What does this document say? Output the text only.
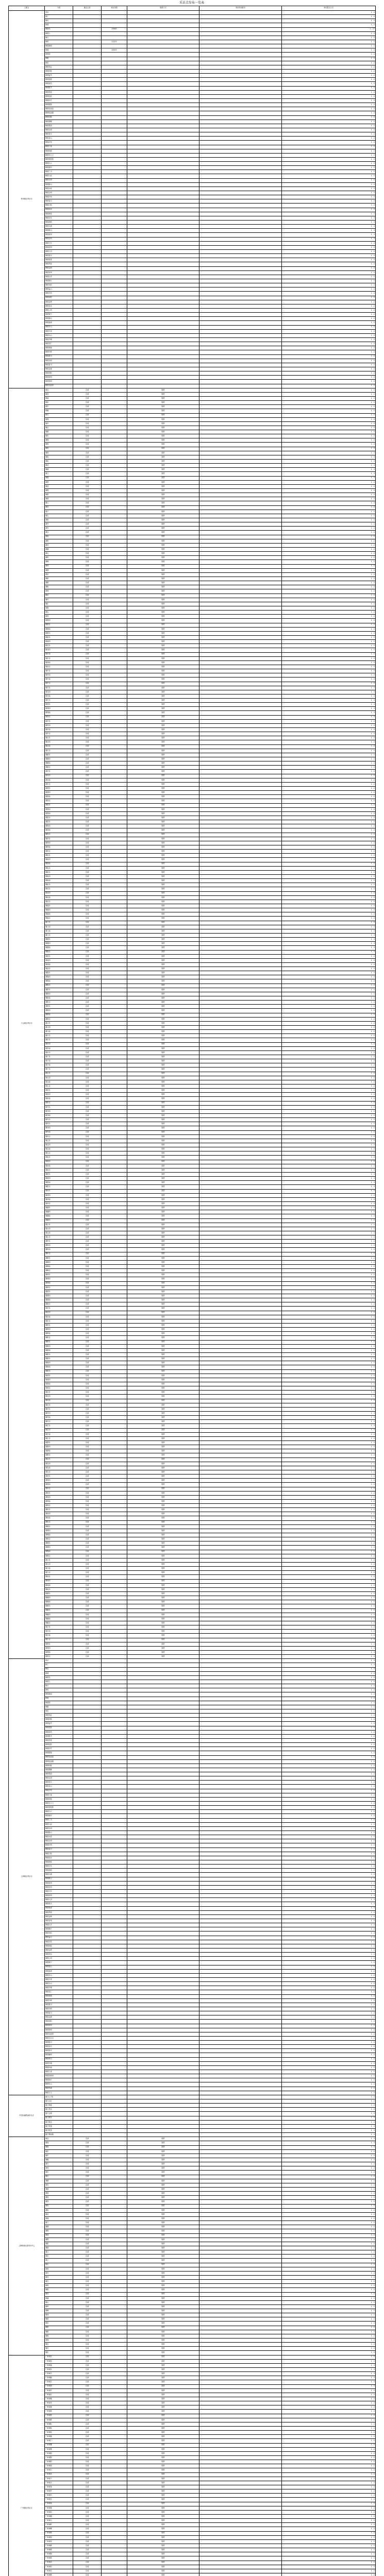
采访点发布一览表
主要点	分类	最近主营	采访类型	联系方式	采访时间要求	采访提交方式	
杭州地区采访点	采访					1、2	
	韩丁					1、2	
	韩佳					1、2	
	韩国					1、2	
	韩国先		29563			1、27	
	韩国人					1、2	
	韩日					1、2	
	韩风		21223			1、2	
	韩国新闻					1、2	
	韩流		29203			1、2	
	韩国馆					1、2	
	韩剧					1、2	
	韩语					1、2	
	韩国签证					1、2	
	韩国团体					1、2	
	韩国留学					1、2	
	韩国旅游					1、2	
	韩国演员					1、2	
	韩国歌手					1、2	
	韩国美食					1、2	
	韩国电影					1、2	
	韩国综艺					1、2	
	韩国服饰					1、2	
	韩国化妆品					1、2	
	韩国电视剧					1、2	
	韩国明星					1、2	
	韩国偶像					1、2	
	韩国男团					1、2	
	韩国女团					1、2	
	韩国首尔					1、2	
	韩国釜山					1、2	
	韩国济州					1、2	
	韩国江南					1、2	
	韩国明洞					1、2	
	韩国东大门					1、2	
	韩国梨泰院					1、2	
	韩国弘大					1、2	
	韩国新村					1、2	
	韩国仁川					1、2	
	韩国大邱					1、2	
	韩国光州					1、2	
	韩国蔚山					1、2	
	韩国水原					1、2	
	韩国全州					1、2	
	韩国庆州					1、2	
	韩国春川					1、2	
	韩国江陵					1、2	
	韩国丽水					1、2	
	韩国统营					1、2	
	韩国安东					1、2	
	韩国浦项					1、2	
	韩国木浦					1、2	
	韩国群山					1、2	
	韩国原州					1、2	
	韩国忠州					1、2	
	韩国天安					1、2	
	韩国清州					1、2	
	韩国大田					1、2	
	韩国世宗					1、2	
	韩国龟尾					1、2	
	韩国昌原					1、2	
	韩国金海					1、2	
	韩国晋州					1、2	
	韩国巨济					1、2	
	韩国顺天					1、2	
	韩国光阳					1、2	
	韩国益山					1、2	
	韩国井邑					1、2	
	韩国南原					1、2	
	韩国金堤					1、2	
	韩国扶余					1、2	
	韩国公州					1、2	
	韩国保宁					1、2	
	韩国瑞山					1、2	
	韩国唐津					1、2	
	韩国牙山					1、2	
	韩国平泽					1、2	
	韩国乌山					1、2	
	韩国华城					1、2	
	韩国龙仁					1、2	
	韩国城南					1、2	
	韩国安养					1、2	
	韩国果川					1、2	
	韩国光明					1、2	
	韩国富川					1、2	
	韩国金浦					1、2	
	韩国高阳					1、2	
	韩国坡州					1、2	
	韩国杨州					1、2	
	韩国议政府					1、2	
十会地区采访点	城北	总部		期货		1、2	
	城西	总部		期货		1、2	
	城南	总部		期货		1、2	
	城东	总部		期货		1、2	
	城中	总部		期货		1、2	
	城厢	总部		期货		1、2	
	城关	总部		期货		1、2	
	城郊	总部		期货		1、2	
	城乡	总部		期货		1、2	
	城区	总部		期货		1、2	
	城镇	总部		期货		1、2	
	城市	总部		期货		1、2	
	城建	总部		期货		1、2	
	城管	总部		期货		1、2	
	城投	总部		期货		1、2	
	城铁	总部		期货		1、2	
	城际	总部		期货		1、2	
	城轨	总部		期货		1、2	
	城站	总部		期货		1、2	
	城墙	总部		期货		1、2	
	城门	总部		期货		1、2	
	城楼	总部		期货		1、2	
	城堡	总部		期货		1、2	
	城池	总部		期货		1、2	
	城隍	总部		期货		1、2	
	城阳	总部		期货		1、2	
	城固	总部		期货		1、2	
	城口	总部		期货		1、2	
	城步	总部		期货		1、2	
	城子	总部		期货		1、2	
	城头	总部		期货		1、2	
	城里	总部		期货		1、2	
	城外	总部		期货		1、2	
	城内	总部		期货		1、2	
	城边	总部		期货		1、2	
	城角	总部		期货		1、2	
	城根	总部		期货		1、2	
	城河	总部		期货		1、2	
	城湖	总部		期货		1、2	
	城山	总部		期货		1、2	
	城岭	总部		期货		1、2	
	城峰	总部		期货		1、2	
	城林	总部		期货		1、2	
	城园	总部		期货		1、2	
	城花	总部		期货		1、2	
	城桥	总部		期货		1、2	
	城路	总部		期货		1、2	
	城街	总部		期货		1、2	
	城巷	总部		期货		1、2	
	城坊	总部		期货		1、2	
	城村	总部		期货		1、2	
	城庄	总部		期货		1、2	
	城寨	总部		期货		1、2	
	城屯	总部		期货		1、2	
	城营	总部		期货		1、2	
	城堡西	总部		期货		1、2	
	城堡东	总部		期货		1、2	
	城堡南	总部		期货		1、2	
	城堡北	总部		期货		1、2	
	城南东	总部		期货		1、2	
	城南西	总部		期货		1、2	
	城北东	总部		期货		1、2	
	城北西	总部		期货		1、2	
	城东南	总部		期货		1、2	
	城东北	总部		期货		1、2	
	城西南	总部		期货		1、2	
	城西北	总部		期货		1、2	
	城中东	总部		期货		1、2	
	城中西	总部		期货		1、2	
	城中南	总部		期货		1、2	
	城中北	总部		期货		1、2	
	城关东	总部		期货		1、2	
	城关西	总部		期货		1、2	
	城关南	总部		期货		1、2	
	城关北	总部		期货		1、2	
	城郊东	总部		期货		1、2	
	城郊西	总部		期货		1、2	
	城郊南	总部		期货		1、2	
	城郊北	总部		期货		1、2	
	城乡东	总部		期货		1、2	
	城乡西	总部		期货		1、2	
	城乡南	总部		期货		1、2	
	城乡北	总部		期货		1、2	
	城区东	总部		期货		1、2	
	城区西	总部		期货		1、2	
	城区南	总部		期货		1、2	
	城区北	总部		期货		1、2	
	城镇东	总部		期货		1、2	
	城镇西	总部		期货		1、2	
	城镇南	总部		期货		1、2	
	城镇北	总部		期货		1、2	
	城市东	总部		期货		1、2	
	城市西	总部		期货		1、2	
	城市南	总部		期货		1、2	
	城市北	总部		期货		1、2	
	城建东	总部		期货		1、2	
	城建西	总部		期货		1、2	
	城建南	总部		期货		1、2	
	城建北	总部		期货		1、2	
	城管东	总部		期货		1、2	
	城管西	总部		期货		1、2	
	城管南	总部		期货		1、2	
	城管北	总部		期货		1、2	
	城投东	总部		期货		1、2	
	城投西	总部		期货		1、2	
	城投南	总部		期货		1、2	
	城投北	总部		期货		1、2	
	城铁东	总部		期货		1、2	
	城铁西	总部		期货		1、2	
	城铁南	总部		期货		1、2	
	城铁北	总部		期货		1、2	
	城际东	总部		期货		1、2	
	城际西	总部		期货		1、2	
	城际南	总部		期货		1、2	
	城际北	总部		期货		1、2	
	城轨东	总部		期货		1、2	
	城轨西	总部		期货		1、2	
	城轨南	总部		期货		1、2	
	城轨北	总部		期货		1、2	
	城站东	总部		期货		1、2	
	城站西	总部		期货		1、2	
	城站南	总部		期货		1、2	
	城站北	总部		期货		1、2	
	城墙东	总部		期货		1、2	
	城墙西	总部		期货		1、2	
	城墙南	总部		期货		1、2	
	城墙北	总部		期货		1、2	
	城门东	总部		期货		1、2	
	城门西	总部		期货		1、2	
	城门南	总部		期货		1、2	
	城门北	总部		期货		1、2	
	城楼东	总部		期货		1、2	
	城楼西	总部		期货		1、2	
	城楼南	总部		期货		1、2	
	城楼北	总部		期货		1、2	
	城池东	总部		期货		1、2	
	城池西	总部		期货		1、2	
	城池南	总部		期货		1、2	
	城池北	总部		期货		1、2	
	城隍东	总部		期货		1、2	
	城隍西	总部		期货		1、2	
	城隍南	总部		期货		1、2	
	城隍北	总部		期货		1、2	
	城阳东	总部		期货		1、2	
	城阳西	总部		期货		1、2	
	城阳南	总部		期货		1、2	
	城阳北	总部		期货		1、2	
	城固东	总部		期货		1、2	
	城固西	总部		期货		1、2	
	城固南	总部		期货		1、2	
	城固北	总部		期货		1、2	
	城口东	总部		期货		1、2	
	城口西	总部		期货		1、2	
	城口南	总部		期货		1、2	
	城口北	总部		期货		1、2	
	城步东	总部		期货		1、2	
	城步西	总部		期货		1、2	
	城步南	总部		期货		1、2	
	城步北	总部		期货		1、2	
	城子东	总部		期货		1、2	
	城子西	总部		期货		1、2	
	城子南	总部		期货		1、2	
	城子北	总部		期货		1、2	
	城头东	总部		期货		1、2	
	城头西	总部		期货		1、2	
	城头南	总部		期货		1、2	
	城头北	总部		期货		1、2	
	城里东	总部		期货		1、2	
	城里西	总部		期货		1、2	
	城里南	总部		期货		1、2	
	城里北	总部		期货		1、2	
	城外东	总部		期货		1、2	
	城外西	总部		期货		1、2	
	城外南	总部		期货		1、2	
	城外北	总部		期货		1、2	
	城内东	总部		期货		1、2	
	城内西	总部		期货		1、2	
	城内南	总部		期货		1、2	
	城内北	总部		期货		1、2	
	城边东	总部		期货		1、2	
	城边西	总部		期货		1、2	
	城边南	总部		期货		1、2	
	城边北	总部		期货		1、2	
	城角东	总部		期货		1、2	
	城角西	总部		期货		1、2	
	城角南	总部		期货		1、2	
	城角北	总部		期货		1、2	
	城根东	总部		期货		1、2	
	城根西	总部		期货		1、2	
	城根南	总部		期货		1、2	
	城根北	总部		期货		1、2	
	城河东	总部		期货		1、2	
	城河西	总部		期货		1、2	
	城河南	总部		期货		1、2	
	城河北	总部		期货		1、2	
	城湖东	总部		期货		1、2	
	城湖西	总部		期货		1、2	
	城湖南	总部		期货		1、2	
	城湖北	总部		期货		1、2	
	城山东	总部		期货		1、2	
	城山西	总部		期货		1、2	
	城山南	总部		期货		1、2	
	城山北	总部		期货		1、2	
	城岭东	总部		期货		1、2	
	城岭西	总部		期货		1、2	
	城岭南	总部		期货		1、2	
	城岭北	总部		期货		1、2	
	城峰东	总部		期货		1、2	
	城峰西	总部		期货		1、2	
	城峰南	总部		期货		1、2	
	城峰北	总部		期货		1、2	
	城林东	总部		期货		1、2	
	城林西	总部		期货		1、2	
	城林南	总部		期货		1、2	
	城林北	总部		期货		1、2	
	城园东	总部		期货		1、2	
	城园西	总部		期货		1、2	
	城园南	总部		期货		1、2	
	城园北	总部		期货		1、2	
	城花东	总部		期货		1、2	
	城花西	总部		期货		1、2	
	城花南	总部		期货		1、2	
	城花北	总部		期货		1、2	
	城桥东	总部		期货		1、2	
	城桥西	总部		期货		1、2	
	城桥南	总部		期货		1、2	
	城桥北	总部		期货		1、2	
	城路东	总部		期货		1、2	
	城路西	总部		期货		1、2	
	城路南	总部		期货		1、2	
	城路北	总部		期货		1、2	
	城街东	总部		期货		1、2	
	城街西	总部		期货		1、2	
	城街南	总部		期货		1、2	
	城街北	总部		期货		1、2	
	城巷东	总部		期货		1、2	
	城巷西	总部		期货		1、2	
	城巷南	总部		期货		1、2	
	城巷北	总部		期货		1、2	
	城坊东	总部		期货		1、2	
	城坊西	总部		期货		1、2	
	城坊南	总部		期货		1、2	
	城坊北	总部		期货		1、2	
	城村东	总部		期货		1、2	
	城村西	总部		期货		1、2	
	城村南	总部		期货		1、2	
	城村北	总部		期货		1、2	
	城庄东	总部		期货		1、2	
	城庄西	总部		期货		1、2	
	城庄南	总部		期货		1、2	
	城庄北	总部		期货		1、2	
	城寨东	总部		期货		1、2	
	城寨西	总部		期货		1、2	
	城寨南	总部		期货		1、2	
	城寨北	总部		期货		1、2	
	城屯东	总部		期货		1、2	
	城屯西	总部		期货		1、2	
	城屯南	总部		期货		1、2	
	城屯北	总部		期货		1、2	
	城营东	总部		期货		1、2	
	城营西	总部		期货		1、2	
	城营南	总部		期货		1、2	
	城营北	总部		期货		1、2	
	城郭东	总部		期货		1、2	
	城郭西	总部		期货		1、2	
	城郭南	总部		期货		1、2	
	城郭北	总部		期货		1、2	
	城垣东	总部		期货		1、2	
	城垣西	总部		期货		1、2	
	城垣南	总部		期货		1、2	
	城垣北	总部		期货		1、2	
	城壕东	总部		期货		1、2	
	城壕西	总部		期货		1、2	
	城壕南	总部		期货		1、2	
	城壕北	总部		期货		1、2	
	城堞东	总部		期货		1、2	
	城堞西	总部		期货		1、2	
	城堞南	总部		期货		1、2	
	城堞北	总部		期货		1、2	
	城台东	总部		期货		1、2	
	城台西	总部		期货		1、2	
	城台南	总部		期货		1、2	
	城台北	总部		期货		1、2	
	城垛东	总部		期货		1、2	
	城垛西	总部		期货		1、2	
	城垛南	总部		期货		1、2	
	城垛北	总部		期货		1、2	
	城阙东	总部		期货		1、2	
	城阙西	总部		期货		1、2	
	城阙南	总部		期货		1、2	
	城阙北	总部		期货		1、2	
	城厢东	总部		期货		1、2	
	城厢西	总部		期货		1、2	
	城厢南	总部		期货		1、2	
	城厢北	总部		期货		1、2	
	城宇东	总部		期货		1、2	
	城宇西	总部		期货		1、2	
	城宇南	总部		期货		1、2	
	城宇北	总部		期货		1、2	
	城苑东	总部		期货		1、2	
	城苑西	总部		期货		1、2	
	城苑南	总部		期货		1、2	
	城苑北	总部		期货		1、2	
上海地区采访点	采访					1、2	
	韩丁					1、2	
	韩佳					1、2	
	韩国					1、2	
	韩国先					1、2	
	韩国人					1、2	
	韩日					1、2	
	韩风					1、2	
	韩国新闻					1、2	
	韩流					1、2	
	韩国馆					1、2	
	韩剧					1、2	
	韩语					1、2	
	韩国签证					1、2	
	韩国团体					1、2	
	韩国留学					1、2	
	韩国旅游					1、2	
	韩国演员					1、2	
	韩国歌手					1、2	
	韩国美食					1、2	
	韩国电影					1、2	
	韩国综艺					1、2	
	韩国服饰					1、2	
	韩国化妆品					1、2	
	韩国电视剧					1、2	
	韩国明星					1、2	
	韩国偶像					1、2	
	韩国男团					1、2	
	韩国女团					1、2	
	韩国首尔					1、2	
	韩国釜山					1、2	
	韩国济州					1、2	
	韩国江南					1、2	
	韩国明洞					1、2	
	韩国东大门					1、2	
	韩国梨泰院					1、2	
	韩国弘大					1、2	
	韩国新村					1、2	
	韩国仁川					1、2	
	韩国大邱					1、2	
	韩国光州					1、2	
	韩国蔚山					1、2	
	韩国水原					1、2	
	韩国全州					1、2	
	韩国庆州					1、2	
	韩国春川					1、2	
	韩国江陵					1、2	
	韩国丽水					1、2	
	韩国统营					1、2	
	韩国安东					1、2	
	韩国浦项					1、2	
	韩国木浦					1、2	
	韩国群山					1、2	
	韩国原州					1、2	
	韩国忠州					1、2	
	韩国天安					1、2	
	韩国清州					1、2	
	韩国大田					1、2	
	韩国世宗					1、2	
	韩国龟尾					1、2	
	韩国昌原					1、2	
	韩国金海					1、2	
	韩国晋州					1、2	
	韩国巨济					1、2	
	韩国顺天					1、2	
	韩国光阳					1、2	
	韩国益山					1、2	
	韩国井邑					1、2	
	韩国南原					1、2	
	韩国金堤					1、2	
	韩国扶余					1、2	
	韩国公州					1、2	
	韩国保宁					1、2	
	韩国瑞山					1、2	
	韩国唐津					1、2	
	韩国牙山					1、2	
	韩国平泽					1、2	
	韩国乌山					1、2	
	韩国华城					1、2	
	韩国龙仁					1、2	
	韩国城南					1、2	
	韩国安养					1、2	
	韩国果川					1、2	
	韩国光明					1、2	
	韩国富川					1、2	
	韩国金浦					1、2	
	韩国高阳					1、2	
	韩国坡州					1、2	
	韩国杨州					1、2	
	韩国议政府					1、2	
	韩国东豆川					1、2	
	韩国抱川					1、2	
	韩国加平					1、2	
	韩国杨平					1、2	
	韩国骊州					1、2	
	韩国利川					1、2	
	韩国安城					1、2	
	韩国河南					1、2	
	韩国九里					1、2	
	韩国南杨州					1、2	
	韩国始兴					1、2	
	韩国安山					1、2	
	韩国军浦					1、2	
	韩国义王					1、2	
中国运输物流采访点	湛江(公司)					1、2	
	湛江运行					1、2	
	湛江物流					1、2	
	湛江货运					1、2	
	湛江仓储					1、2	
	湛江港务					1、2	
	湛江航运					1、2	
	湛江快递					1、2	
	湛江配送					1、2	
	湛江集装箱					1、2	
上海规划运营采访中心	城北	总部		期货		1、2	
	城西	总部		期货		1、2	
	城南	总部		期货		1、2	
	城东	总部		期货		1、2	
	城中	总部		期货		1、2	
	城厢	总部		期货		1、2	
	城关	总部		期货		1、2	
	城郊	总部		期货		1、2	
	城乡	总部		期货		1、2	
	城区	总部		期货		1、2	
	城镇	总部		期货		1、2	
	城市	总部		期货		1、2	
	城建	总部		期货		1、2	
	城管	总部		期货		1、2	
	城投	总部		期货		1、2	
	城铁	总部		期货		1、2	
	城际	总部		期货		1、2	
	城轨	总部		期货		1、2	
	城站	总部		期货		1、2	
	城墙	总部		期货		1、2	
	城门	总部		期货		1、2	
	城楼	总部		期货		1、2	
	城堡	总部		期货		1、2	
	城池	总部		期货		1、2	
	城隍	总部		期货		1、2	
	城阳	总部		期货		1、2	
	城固	总部		期货		1、2	
	城口	总部		期货		1、2	
	城步	总部		期货		1、2	
	城子	总部		期货		1、2	
	城头	总部		期货		1、2	
	城里	总部		期货		1、2	
	城外	总部		期货		1、2	
	城内	总部		期货		1、2	
	城边	总部		期货		1、2	
	城角	总部		期货		1、2	
	城根	总部		期货		1、2	
	城河	总部		期货		1、2	
	城湖	总部		期货		1、2	
	城山	总部		期货		1、2	
	城岭	总部		期货		1、2	
	城峰	总部		期货		1、2	
	城林	总部		期货		1、2	
	城园	总部		期货		1、2	
	城花	总部		期货		1、2	
	城桥	总部		期货		1、2	
	城路	总部		期货		1、2	
	城街	总部		期货		1、2	
	城巷	总部		期货		1、2	
	城坊	总部		期货		1、2	
	城村	总部		期货		1、2	
	城庄	总部		期货		1、2	
广州地区采访点	广州城北	总部		期货		1、2	
	广州城西	总部		期货		1、2	
	广州城南	总部		期货		1、2	
	广州城东	总部		期货		1、2	
	广州城中	总部		期货		1、2	
	广州城厢	总部		期货		1、2	
	广州城关	总部		期货		1、2	
	广州城郊	总部		期货		1、2	
	广州城乡	总部		期货		1、2	
	广州城区	总部		期货		1、2	
	广州城镇	总部		期货		1、2	
	广州城市	总部		期货		1、2	
	广州城建	总部		期货		1、2	
	广州城管	总部		期货		1、2	
	广州城投	总部		期货		1、2	
	广州城铁	总部		期货		1、2	
	广州城际	总部		期货		1、2	
	广州城轨	总部		期货		1、2	
	广州城站	总部		期货		1、2	
	广州城墙	总部		期货		1、2	
	广州城门	总部		期货		1、2	
	广州城楼	总部		期货		1、2	
	广州城堡	总部		期货		1、2	
	广州城池	总部		期货		1、2	
	广州城隍	总部		期货		1、2	
	广州城阳	总部		期货		1、2	
	广州城固	总部		期货		1、2	
	广州城口	总部		期货		1、2	
	广州城步	总部		期货		1、2	
	广州城子	总部		期货		1、2	
	广州城头	总部		期货		1、2	
	广州城里	总部		期货		1、2	
	广州城外	总部		期货		1、2	
	广州城内	总部		期货		1、2	
	广州城边	总部		期货		1、2	
	广州城角	总部		期货		1、2	
	广州城根	总部		期货		1、2	
	广州城河	总部		期货		1、2	
	广州城湖	总部		期货		1、2	
	广州城山	总部		期货		1、2	
	广州城岭	总部		期货		1、2	
	广州城峰	总部		期货		1、2	
	广州城林	总部		期货		1、2	
	广州城园	总部		期货		1、2	
	广州城花	总部		期货		1、2	
	广州城桥	总部		期货		1、2	
	广州城路	总部		期货		1、2	
	广州城街	总部		期货		1、2	
	广州城巷	总部		期货		1、2	
	广州城坊	总部		期货		1、2	
	广州城村	总部		期货		1、2	
	广州城庄	总部		期货		1、2	
	广州城寨	总部		期货		1、2	
